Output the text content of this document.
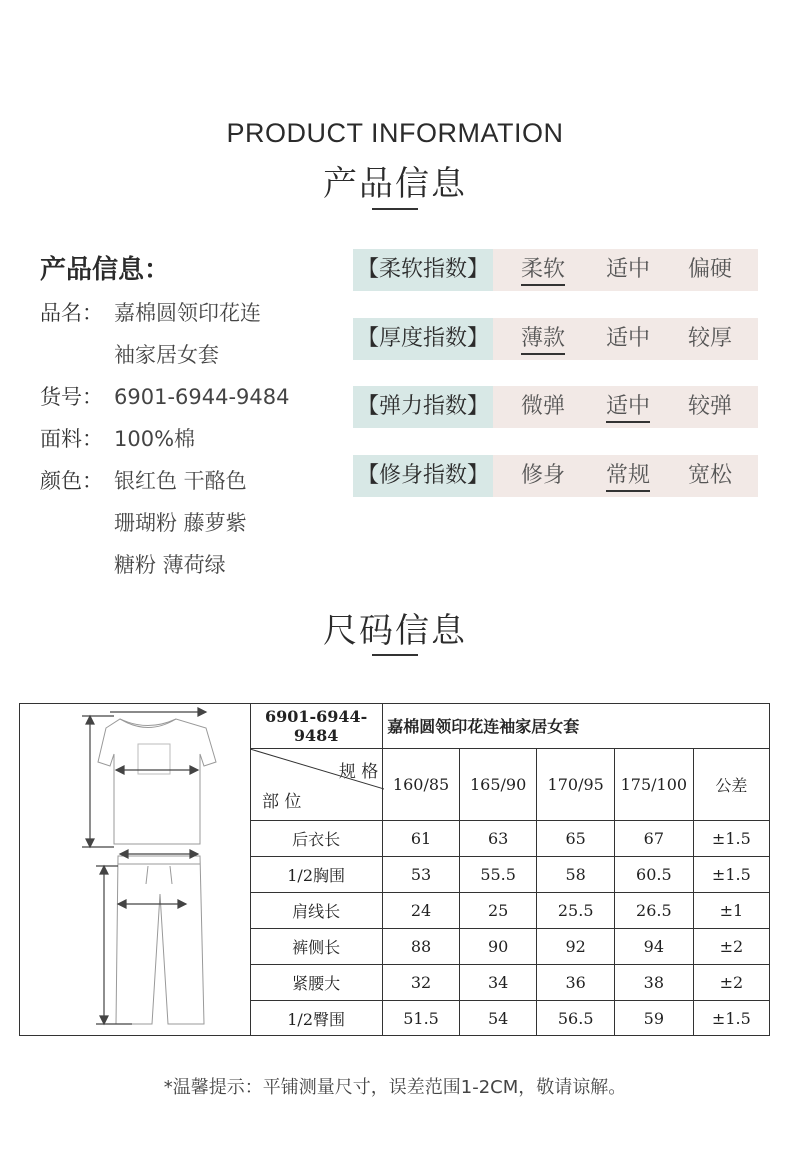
PRODUCT INFORMATION
产品信息
产品信息：
品名： 嘉棉圆领印花连
袖家居女套
货号： 6901-6944-9484
面料： 100%棉
颜色： 银红色 干酪色
珊瑚粉 藤萝紫
糖粉 薄荷绿
【柔软指数】	柔软	适中	偏硬
【厚度指数】	薄款	适中	较厚
【弹力指数】	微弹	适中	较弹
【修身指数】	修身	常规	宽松
尺码信息
6901-6944-9484	嘉棉圆领印花连袖家居女套				

规 格
部 位	160/85	165/90	170/95	175/100	公差
后衣长	61	63	65	67	±1.5
1/2胸围	53	55.5	58	60.5	±1.5
肩线长	24	25	25.5	26.5	±1
裤侧长	88	90	92	94	±2
紧腰大	32	34	36	38	±2
1/2臀围	51.5	54	56.5	59	±1.5
*温馨提示：平铺测量尺寸，误差范围1-2CM，敬请谅解。
